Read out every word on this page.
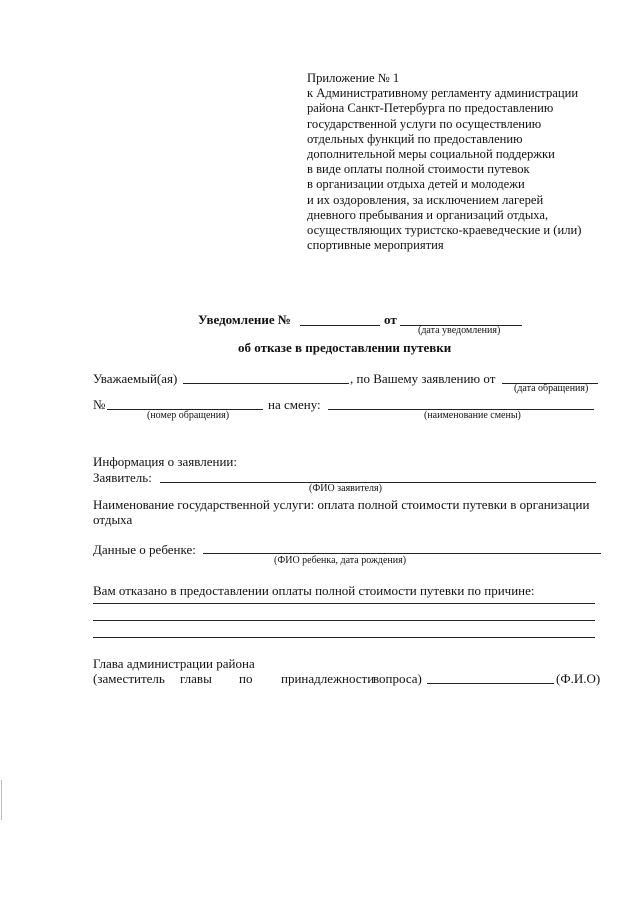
Приложение № 1
к Административному регламенту администрации
района Санкт-Петербурга по предоставлению
государственной услуги по осуществлению
отдельных функций по предоставлению
дополнительной меры социальной поддержки
в виде оплаты полной стоимости путевок
в организации отдыха детей и молодежи
и их оздоровления, за исключением лагерей
дневного пребывания и организаций отдыха,
осуществляющих туристско-краеведческие и (или)
спортивные мероприятия
Уведомление №	от
(дата уведомления)
об отказе в предоставлении путевки
Уважаемый(ая)	, по Вашему заявлению от
(дата обращения)
№
(номер обращения)
на смену:
(наименование смены)
Информация о заявлении:
Заявитель:
(ФИО заявителя)
Наименование государственной услуги: оплата полной стоимости путевки в организации
отдыха
Данные о ребенке:
(ФИО ребенка, дата рождения)
Вам отказано в предоставлении оплаты полной стоимости путевки по причине:
Глава администрации района
(заместитель главы по принадлежности
вопроса)	(Ф.И.О)
